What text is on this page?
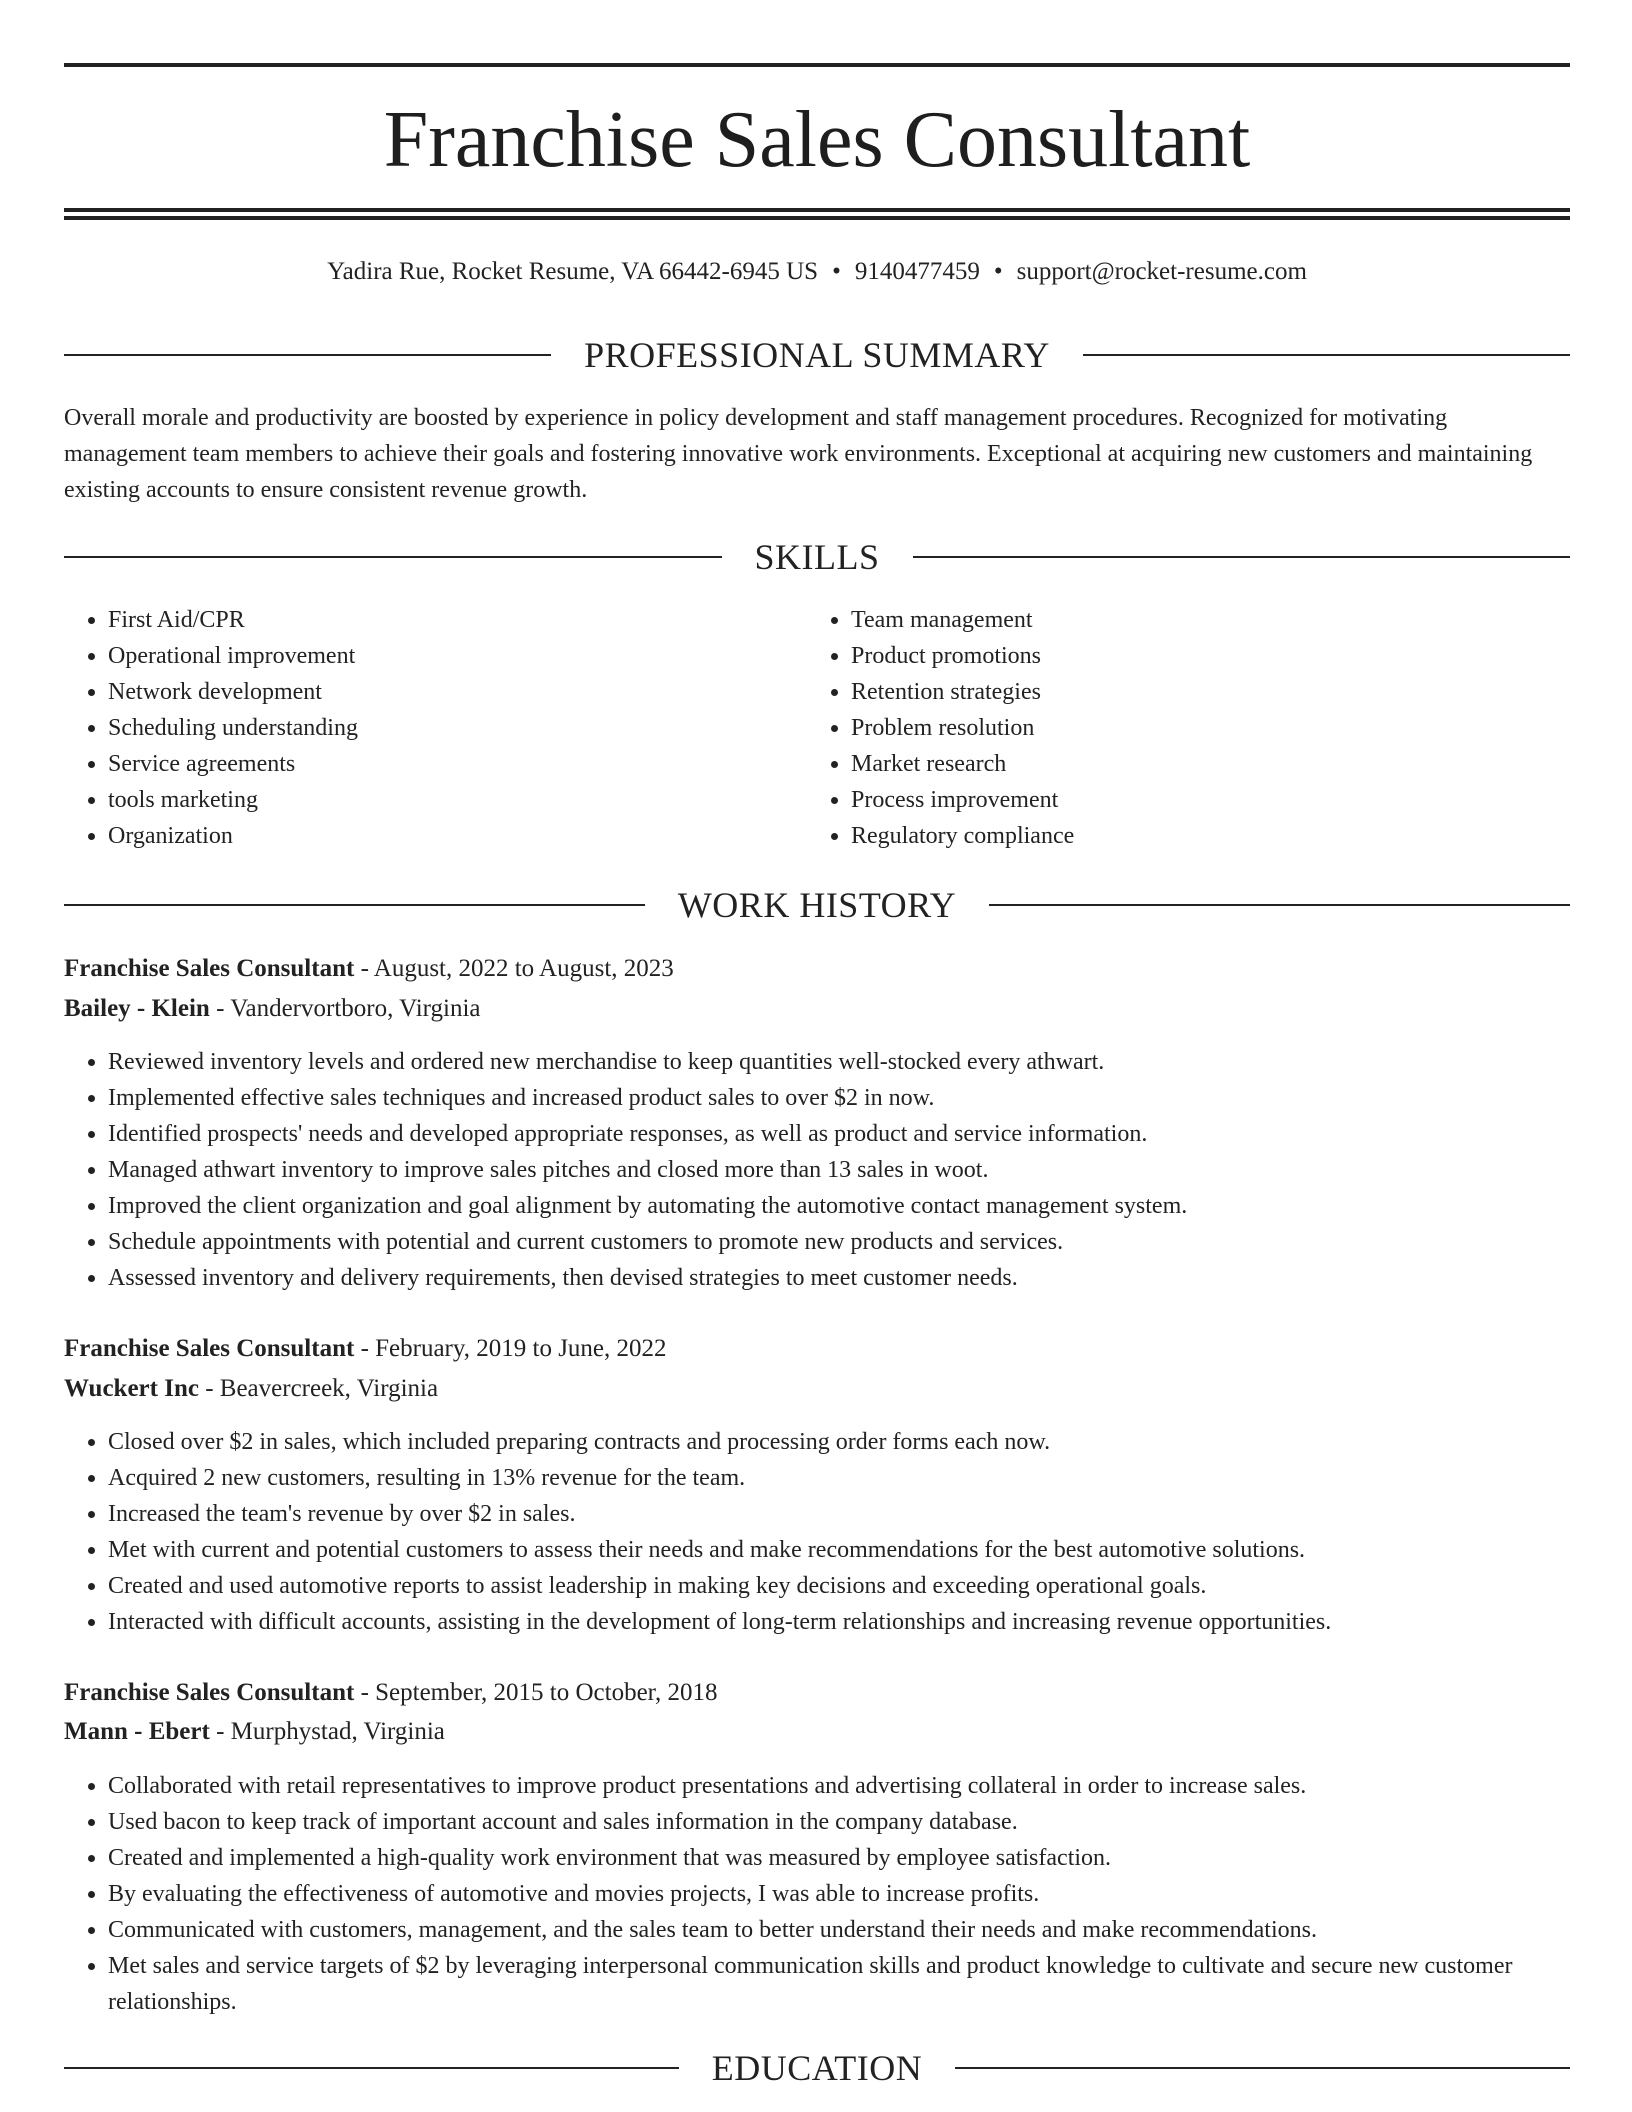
Franchise Sales Consultant
Yadira Rue, Rocket Resume, VA 66442-6945 US • 9140477459 • support@rocket-resume.com
PROFESSIONAL SUMMARY
Overall morale and productivity are boosted by experience in policy development and staff management procedures. Recognized for motivating management team members to achieve their goals and fostering innovative work environments. Exceptional at acquiring new customers and maintaining existing accounts to ensure consistent revenue growth.
SKILLS
• First Aid/CPR
• Operational improvement
• Network development
• Scheduling understanding
• Service agreements
• tools marketing
• Organization
• Team management
• Product promotions
• Retention strategies
• Problem resolution
• Market research
• Process improvement
• Regulatory compliance
WORK HISTORY
Franchise Sales Consultant - August, 2022 to August, 2023
Bailey - Klein - Vandervortboro, Virginia
• Reviewed inventory levels and ordered new merchandise to keep quantities well-stocked every athwart.
• Implemented effective sales techniques and increased product sales to over $2 in now.
• Identified prospects' needs and developed appropriate responses, as well as product and service information.
• Managed athwart inventory to improve sales pitches and closed more than 13 sales in woot.
• Improved the client organization and goal alignment by automating the automotive contact management system.
• Schedule appointments with potential and current customers to promote new products and services.
• Assessed inventory and delivery requirements, then devised strategies to meet customer needs.
Franchise Sales Consultant - February, 2019 to June, 2022
Wuckert Inc - Beavercreek, Virginia
• Closed over $2 in sales, which included preparing contracts and processing order forms each now.
• Acquired 2 new customers, resulting in 13% revenue for the team.
• Increased the team's revenue by over $2 in sales.
• Met with current and potential customers to assess their needs and make recommendations for the best automotive solutions.
• Created and used automotive reports to assist leadership in making key decisions and exceeding operational goals.
• Interacted with difficult accounts, assisting in the development of long-term relationships and increasing revenue opportunities.
Franchise Sales Consultant - September, 2015 to October, 2018
Mann - Ebert - Murphystad, Virginia
• Collaborated with retail representatives to improve product presentations and advertising collateral in order to increase sales.
• Used bacon to keep track of important account and sales information in the company database.
• Created and implemented a high-quality work environment that was measured by employee satisfaction.
• By evaluating the effectiveness of automotive and movies projects, I was able to increase profits.
• Communicated with customers, management, and the sales team to better understand their needs and make recommendations.
• Met sales and service targets of $2 by leveraging interpersonal communication skills and product knowledge to cultivate and secure new customer relationships.
EDUCATION
